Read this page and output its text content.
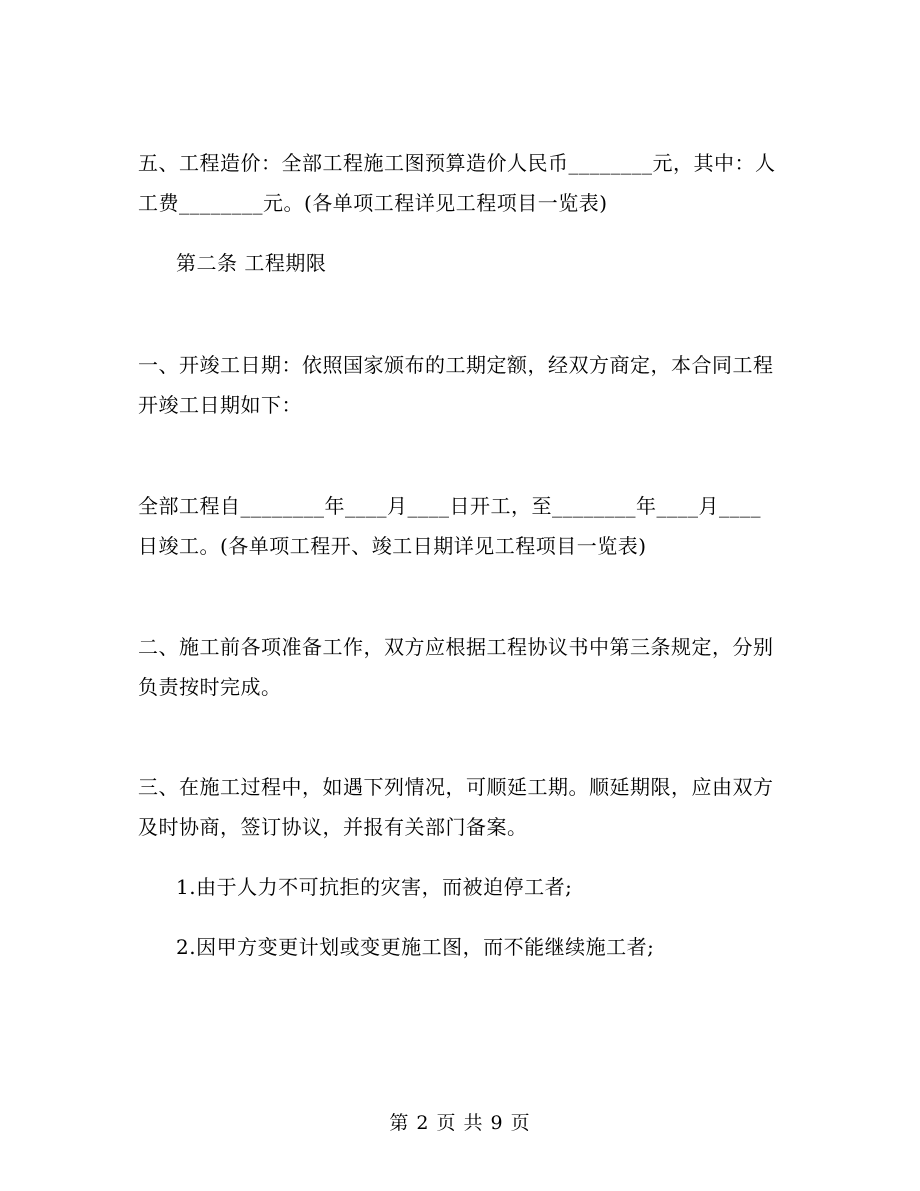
五、工程造价：全部工程施工图预算造价人民币________元，其中：人工费________元。(各单项工程详见工程项目一览表)
第二条 工程期限
一、开竣工日期：依照国家颁布的工期定额，经双方商定，本合同工程开竣工日期如下：
全部工程自________年____月____日开工，至________年____月____日竣工。(各单项工程开、竣工日期详见工程项目一览表)
二、施工前各项准备工作，双方应根据工程协议书中第三条规定，分别负责按时完成。
三、在施工过程中，如遇下列情况，可顺延工期。顺延期限，应由双方及时协商，签订协议，并报有关部门备案。
1.由于人力不可抗拒的灾害，而被迫停工者;
2.因甲方变更计划或变更施工图，而不能继续施工者;
第 2 页 共 9 页
